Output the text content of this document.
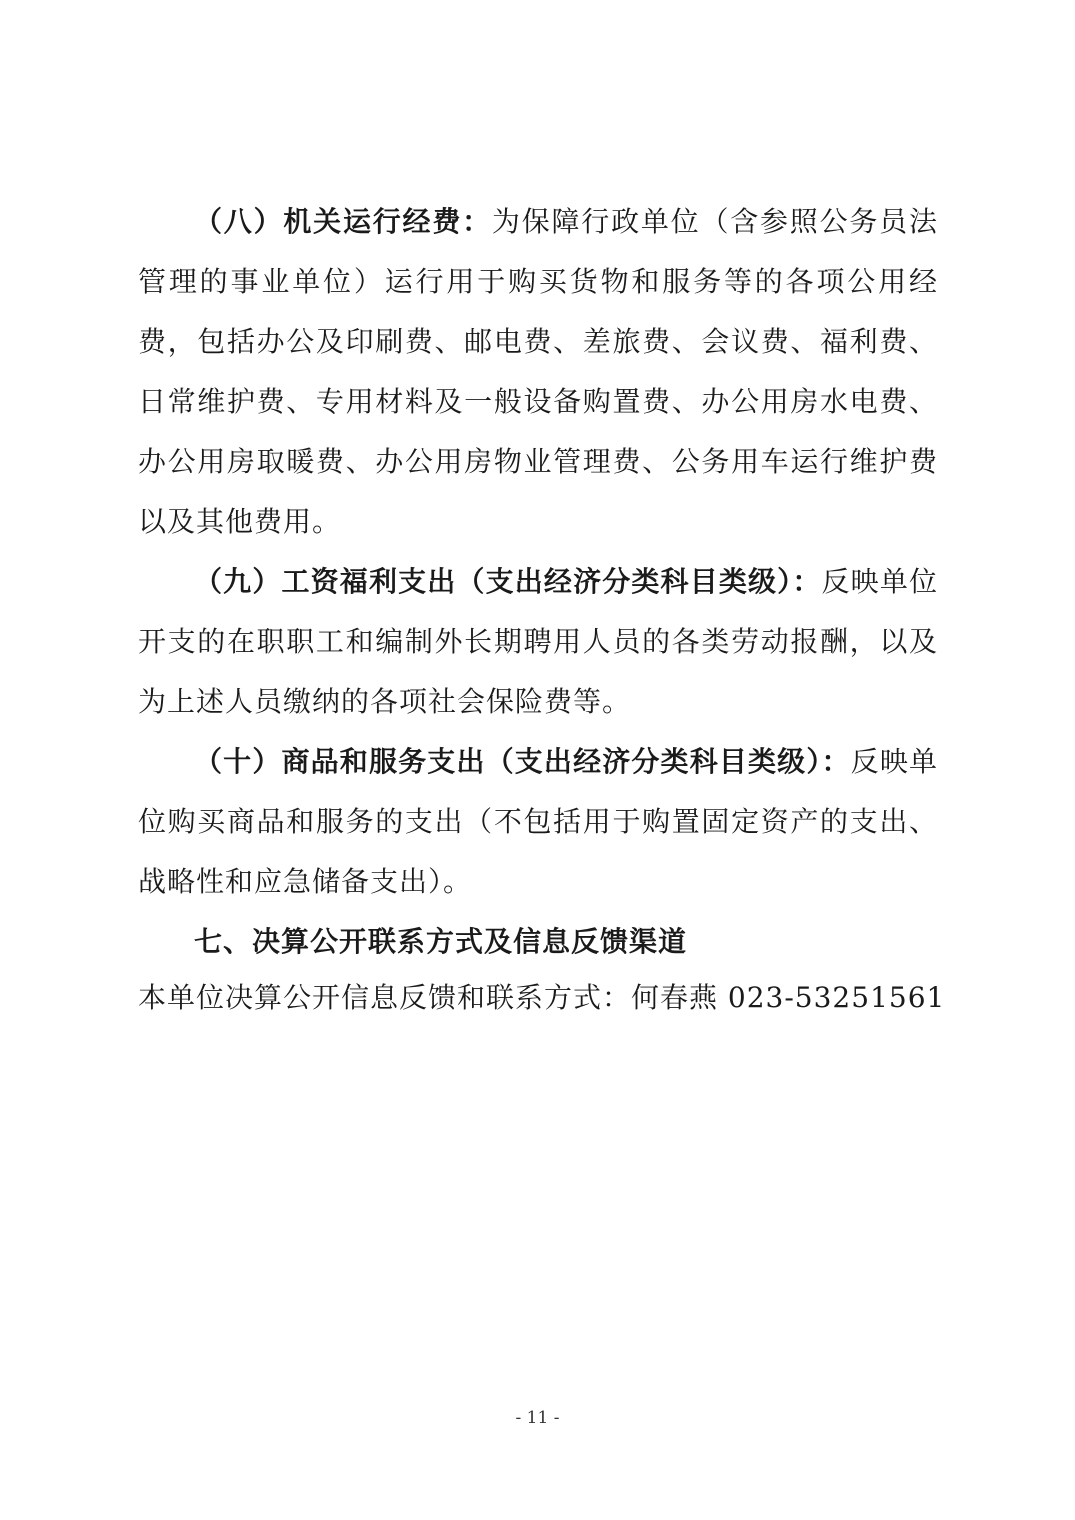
（八）机关运行经费：为保障行政单位（含参照公务员法管理的事业单位）运行用于购买货物和服务等的各项公用经费，包括办公及印刷费、邮电费、差旅费、会议费、福利费、日常维护费、专用材料及一般设备购置费、办公用房水电费、办公用房取暖费、办公用房物业管理费、公务用车运行维护费以及其他费用。

（九）工资福利支出（支出经济分类科目类级）：反映单位开支的在职职工和编制外长期聘用人员的各类劳动报酬，以及为上述人员缴纳的各项社会保险费等。

（十）商品和服务支出（支出经济分类科目类级）：反映单位购买商品和服务的支出（不包括用于购置固定资产的支出、战略性和应急储备支出）。

七、决算公开联系方式及信息反馈渠道

本单位决算公开信息反馈和联系方式：何春燕 023-53251561

- 11 -
